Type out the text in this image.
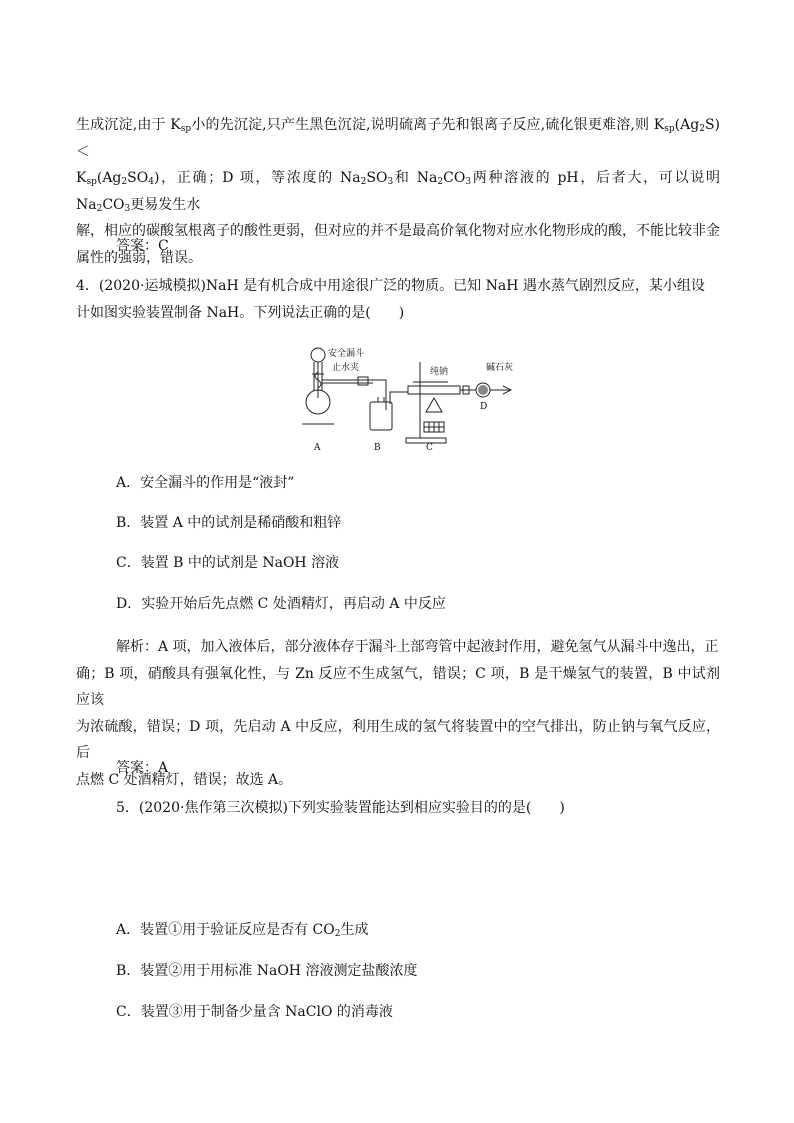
生成沉淀,由于 $K_{sp}$小的先沉淀,只产生黑色沉淀,说明硫离子先和银离子反应,硫化银更难溶,则 $K_{sp}(Ag_2S)<$
$K_{sp}(Ag_2SO_4)$，正确；D 项，等浓度的 $Na_2SO_3$和 $Na_2CO_3$两种溶液的 pH，后者大，可以说明 $Na_2CO_3$更易发生水
解，相应的碳酸氢根离子的酸性更弱，但对应的并不是最高价氧化物对应水化物形成的酸，不能比较非金
属性的强弱，错误。

答案：C

4．(2020·运城模拟)NaH 是有机合成中用途很广泛的物质。已知 NaH 遇水蒸气剧烈反应，某小组设
计如图实验装置制备 NaH。下列说法正确的是(　　)

安全漏斗
止水夹	纯钠	碱石灰
A	B	C
D

A．安全漏斗的作用是“液封”

B．装置 A 中的试剂是稀硝酸和粗锌

C．装置 B 中的试剂是 NaOH 溶液

D．实验开始后先点燃 C 处酒精灯，再启动 A 中反应

解析：A 项，加入液体后，部分液体存于漏斗上部弯管中起液封作用，避免氢气从漏斗中逸出，正
确；B 项，硝酸具有强氧化性，与 Zn 反应不生成氢气，错误；C 项，B 是干燥氢气的装置，B 中试剂应该
为浓硫酸，错误；D 项，先启动 A 中反应，利用生成的氢气将装置中的空气排出，防止钠与氧气反应，后
点燃 C 处酒精灯，错误；故选 A。

答案：A

5．(2020·焦作第三次模拟)下列实验装置能达到相应实验目的的是(　　)

A．装置①用于验证反应是否有 $CO_2$生成

B．装置②用于用标准 NaOH 溶液测定盐酸浓度

C．装置③用于制备少量含 NaClO 的消毒液
